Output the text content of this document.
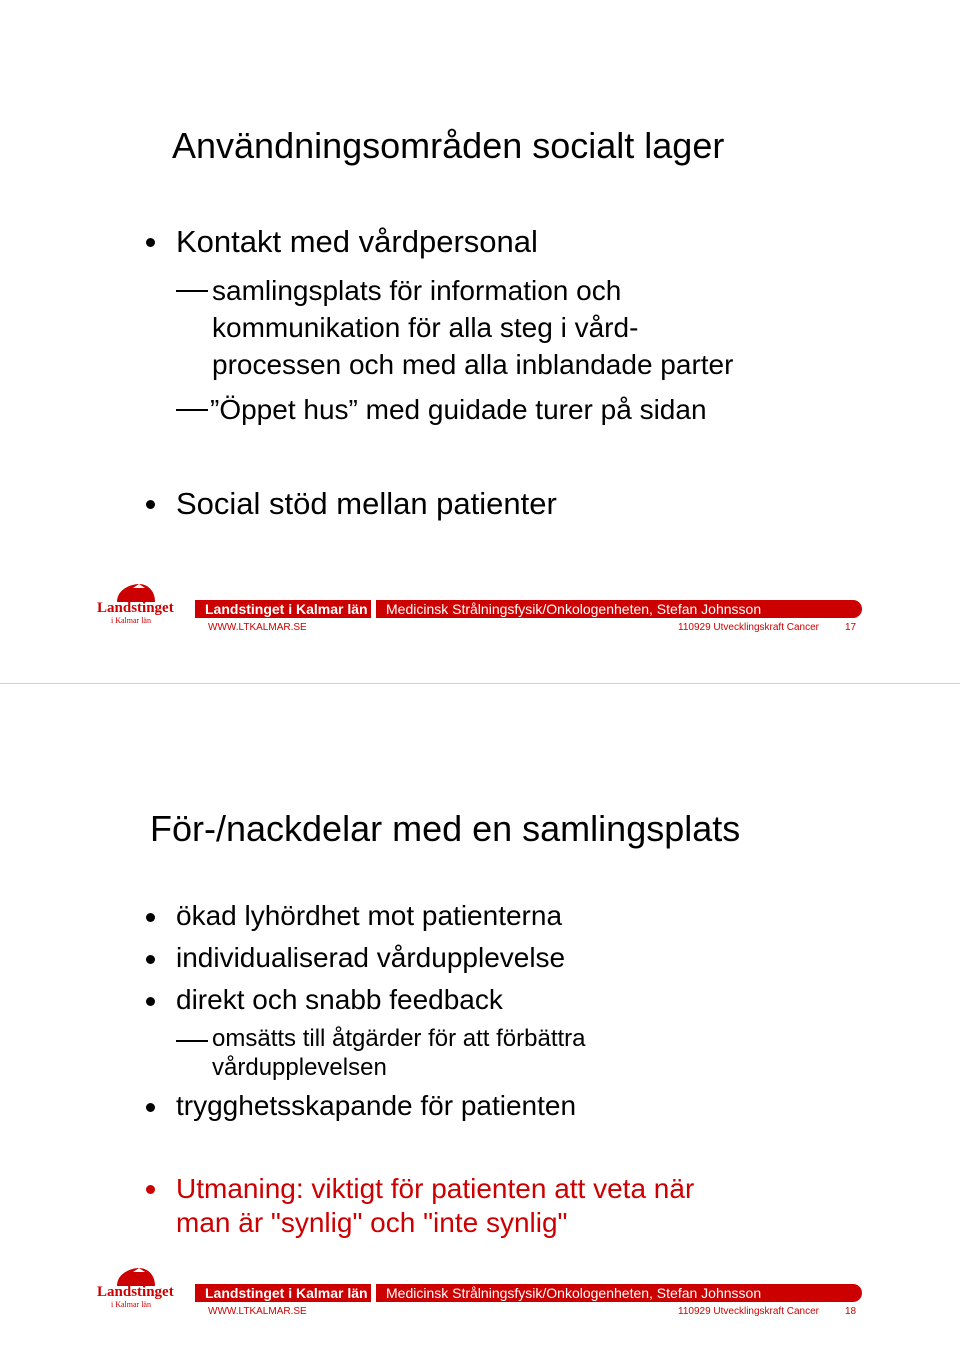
Användningsområden socialt lager
Kontakt med vårdpersonal
samlingsplats för information och
kommunikation för alla steg i vård-
processen och med alla inblandade parter
”Öppet hus” med guidade turer på sidan
Social stöd mellan patienter
Landstinget
i Kalmar län
Landstinget i Kalmar län Medicinsk Strålningsfysik/Onkologenheten, Stefan Johnsson
WWW.LTKALMAR.SE	110929 Utvecklingskraft Cancer	17
För-/nackdelar med en samlingsplats
ökad lyhördhet mot patienterna
individualiserad vårdupplevelse
direkt och snabb feedback
omsätts till åtgärder för att förbättra
vårdupplevelsen
trygghetsskapande för patienten
Utmaning: viktigt för patienten att veta när
man är "synlig" och "inte synlig"
Landstinget
i Kalmar län
Landstinget i Kalmar län Medicinsk Strålningsfysik/Onkologenheten, Stefan Johnsson
WWW.LTKALMAR.SE	110929 Utvecklingskraft Cancer	18
